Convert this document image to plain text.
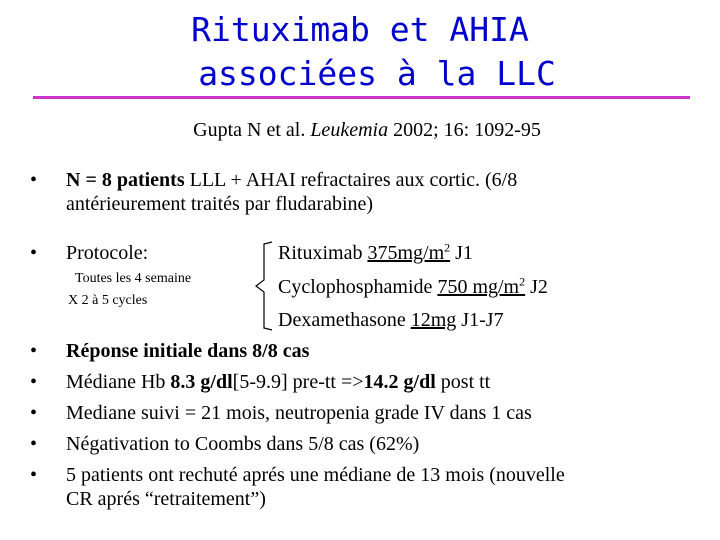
Rituximab et AHIA
associées à la LLC
Gupta N et al. Leukemia 2002; 16: 1092-95
• N = 8 patients LLL + AHAI refractaires aux cortic. (6/8
antérieurement traités par fludarabine)
• Protocole:
Toutes les 4 semaine
X 2 à 5 cycles
Rituximab $375mg/m^2$ J1
Cyclophosphamide 750 $mg/m^2$ J2
Dexamethasone 12mg J1-J7
• Réponse initiale dans 8/8 cas
• Médiane Hb 8.3 g/dl[5-9.9] pre-tt =>14.2 g/dl post tt
• Mediane suivi = 21 mois, neutropenia grade IV dans 1 cas
• Négativation to Coombs dans 5/8 cas (62%)
• 5 patients ont rechuté aprés une médiane de 13 mois (nouvelle
CR aprés “retraitement”)
